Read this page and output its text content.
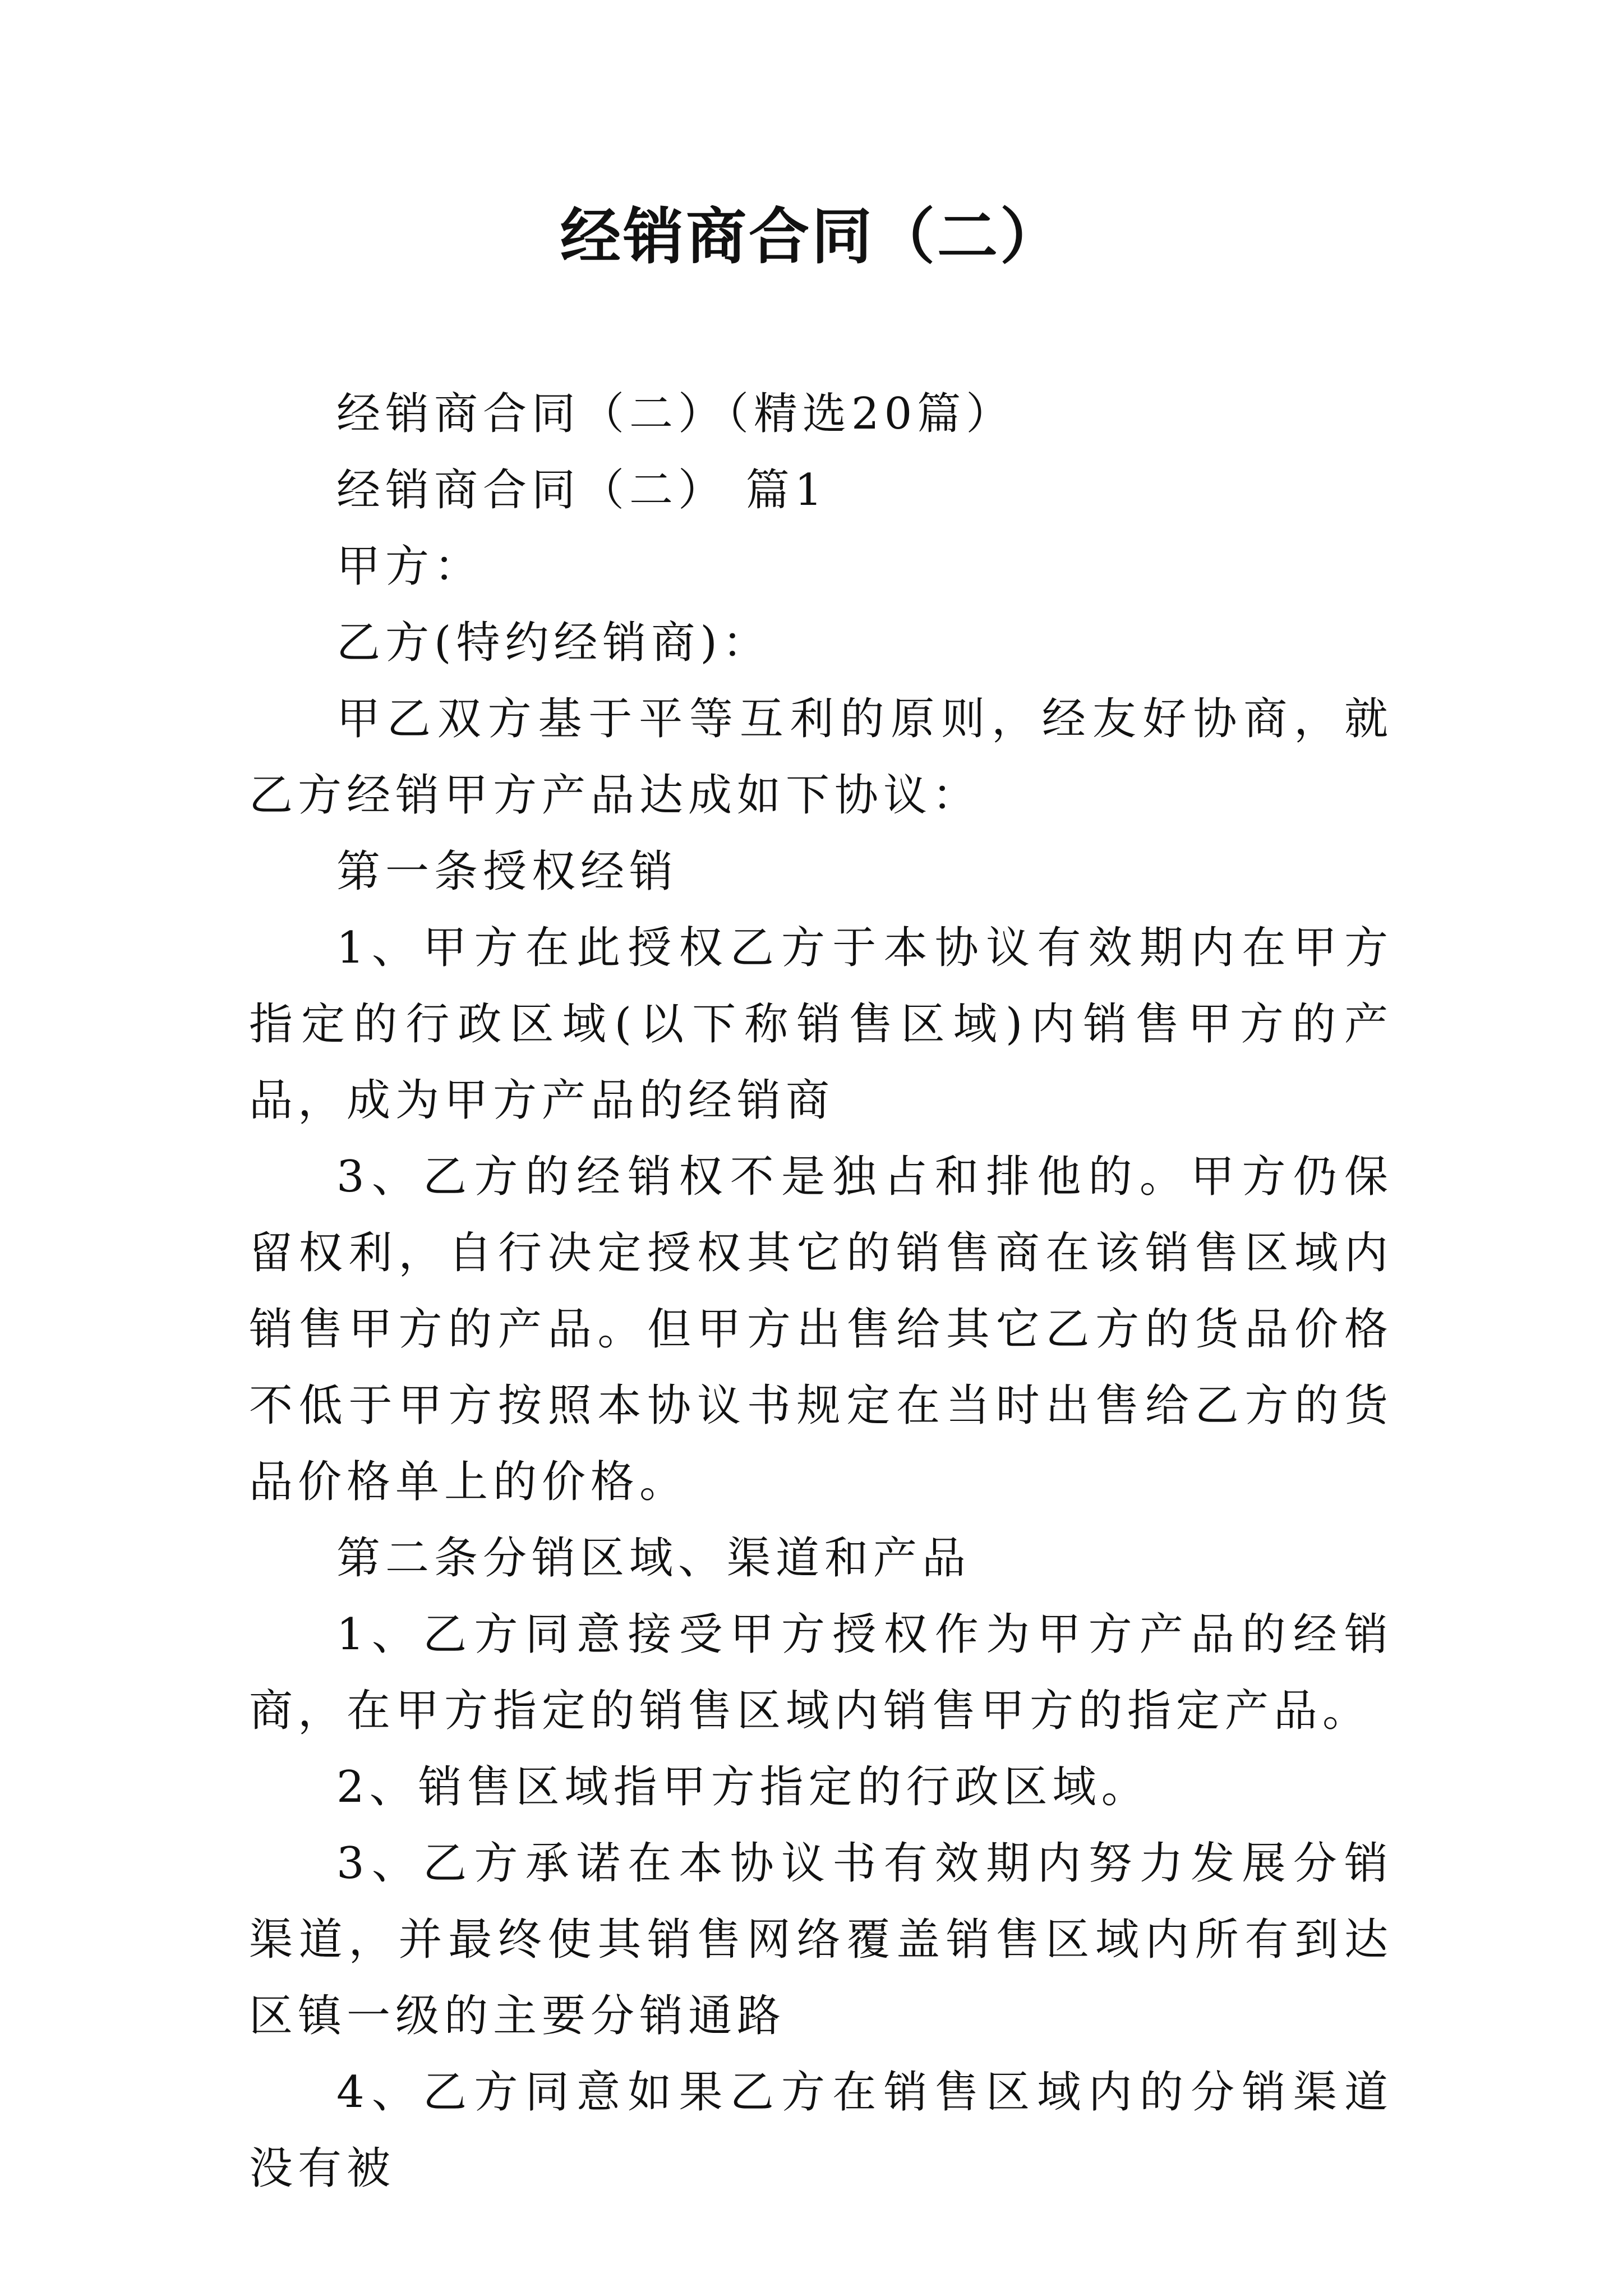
经销商合同（二）

经销商合同（二）（精选20篇）

经销商合同（二） 篇1

甲方：

乙方(特约经销商)：

甲乙双方基于平等互利的原则，经友好协商，就乙方经销甲方产品达成如下协议：

第一条授权经销

1、甲方在此授权乙方于本协议有效期内在甲方指定的行政区域(以下称销售区域)内销售甲方的产品，成为甲方产品的经销商

3、乙方的经销权不是独占和排他的。甲方仍保留权利，自行决定授权其它的销售商在该销售区域内销售甲方的产品。但甲方出售给其它乙方的货品价格不低于甲方按照本协议书规定在当时出售给乙方的货品价格单上的价格。

第二条分销区域、渠道和产品

1、乙方同意接受甲方授权作为甲方产品的经销商，在甲方指定的销售区域内销售甲方的指定产品。

2、销售区域指甲方指定的行政区域。

3、乙方承诺在本协议书有效期内努力发展分销渠道，并最终使其销售网络覆盖销售区域内所有到达区镇一级的主要分销通路

4、乙方同意如果乙方在销售区域内的分销渠道没有被
